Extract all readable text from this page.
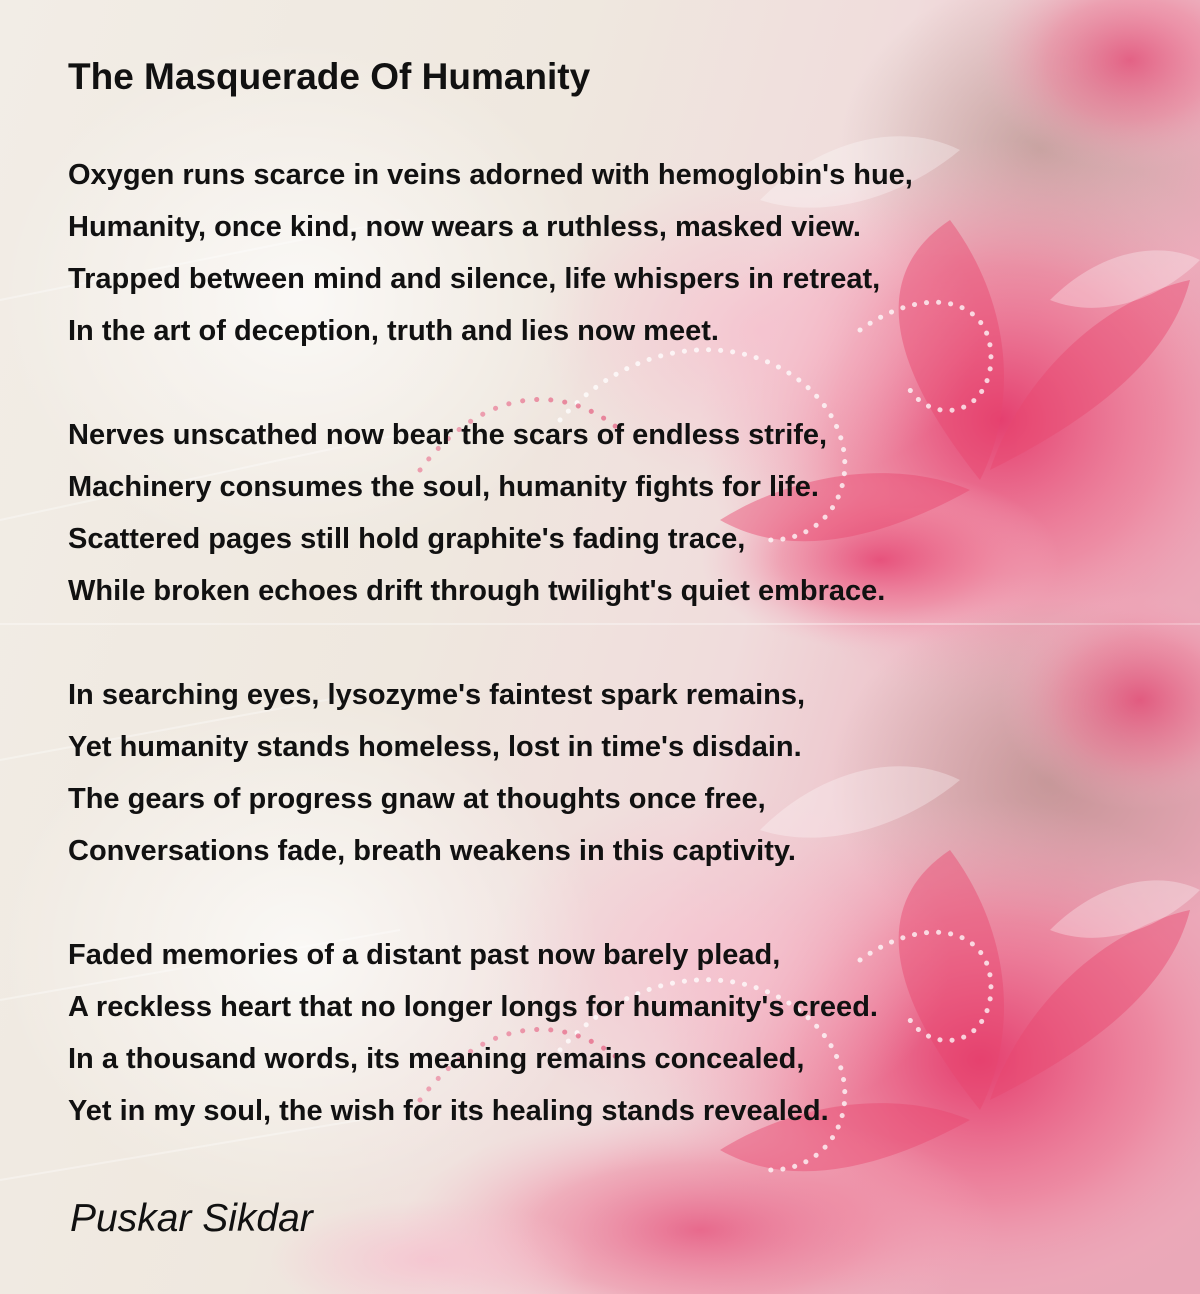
The Masquerade Of Humanity
Oxygen runs scarce in veins adorned with hemoglobin's hue,
Humanity, once kind, now wears a ruthless, masked view.
Trapped between mind and silence, life whispers in retreat,
In the art of deception, truth and lies now meet.
Nerves unscathed now bear the scars of endless strife,
Machinery consumes the soul, humanity fights for life.
Scattered pages still hold graphite's fading trace,
While broken echoes drift through twilight's quiet embrace.
In searching eyes, lysozyme's faintest spark remains,
Yet humanity stands homeless, lost in time's disdain.
The gears of progress gnaw at thoughts once free,
Conversations fade, breath weakens in this captivity.
Faded memories of a distant past now barely plead,
A reckless heart that no longer longs for humanity's creed.
In a thousand words, its meaning remains concealed,
Yet in my soul, the wish for its healing stands revealed.
Puskar Sikdar
